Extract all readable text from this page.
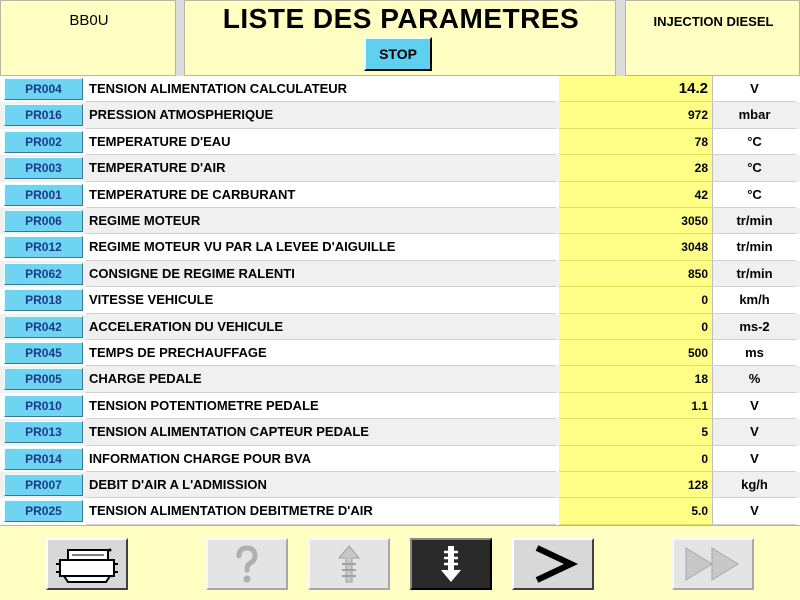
BB0U	LISTE DES PARAMETRES
STOP
INJECTION DIESEL
PR004	TENSION ALIMENTATION CALCULATEUR	14.2	V
PR016	PRESSION ATMOSPHERIQUE	972	mbar
PR002	TEMPERATURE D'EAU	78	°C
PR003	TEMPERATURE D'AIR	28	°C
PR001	TEMPERATURE DE CARBURANT	42	°C
PR006	REGIME MOTEUR	3050	tr/min
PR012	REGIME MOTEUR VU PAR LA LEVEE D'AIGUILLE	3048	tr/min
PR062	CONSIGNE DE REGIME RALENTI	850	tr/min
PR018	VITESSE VEHICULE	0	km/h
PR042	ACCELERATION DU VEHICULE	0	ms-2
PR045	TEMPS DE PRECHAUFFAGE	500	ms
PR005	CHARGE PEDALE	18	%
PR010	TENSION POTENTIOMETRE PEDALE	1.1	V
PR013	TENSION ALIMENTATION CAPTEUR PEDALE	5	V
PR014	INFORMATION CHARGE POUR BVA	0	V
PR007	DEBIT D'AIR A L'ADMISSION	128	kg/h
PR025	TENSION ALIMENTATION DEBITMETRE D'AIR	5.0	V
